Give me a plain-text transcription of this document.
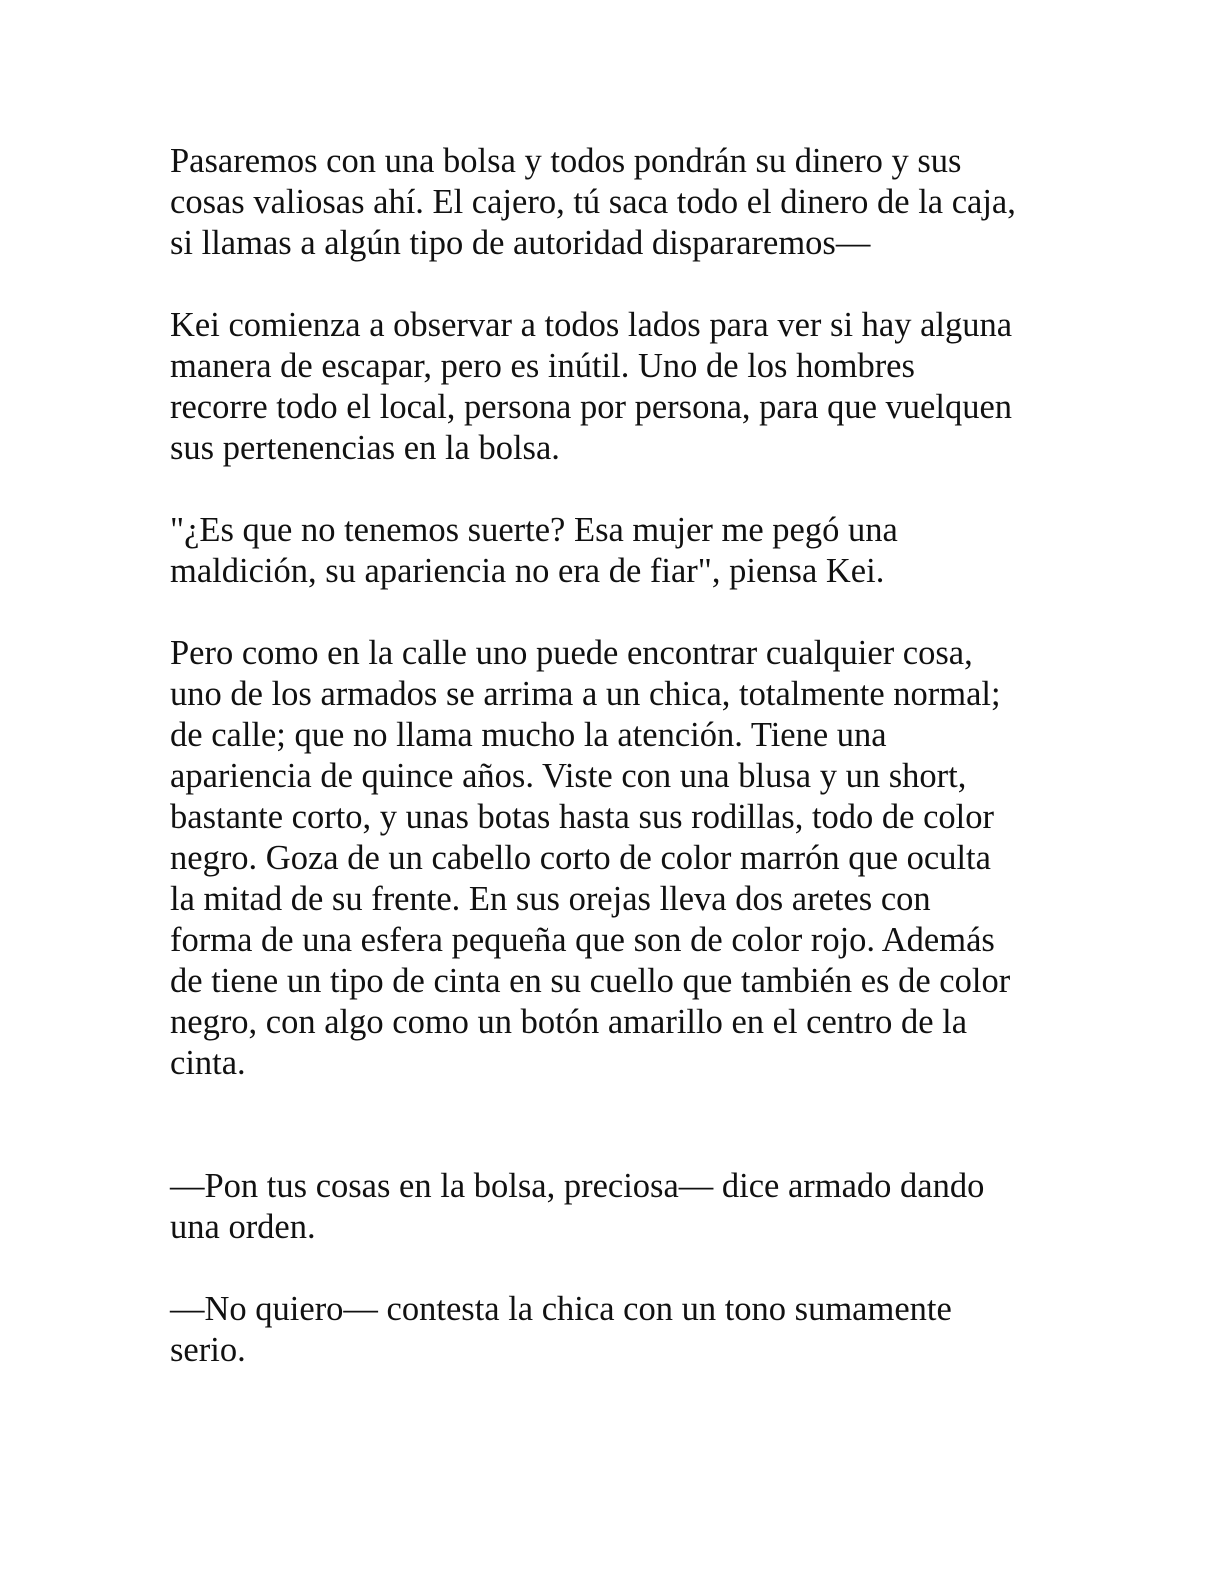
Pasaremos con una bolsa y todos pondrán su dinero y sus
cosas valiosas ahí. El cajero, tú saca todo el dinero de la caja,
si llamas a algún tipo de autoridad dispararemos—

Kei comienza a observar a todos lados para ver si hay alguna
manera de escapar, pero es inútil. Uno de los hombres
recorre todo el local, persona por persona, para que vuelquen
sus pertenencias en la bolsa.

"¿Es que no tenemos suerte? Esa mujer me pegó una
maldición, su apariencia no era de fiar", piensa Kei.

Pero como en la calle uno puede encontrar cualquier cosa,
uno de los armados se arrima a un chica, totalmente normal;
de calle; que no llama mucho la atención. Tiene una
apariencia de quince años. Viste con una blusa y un short,
bastante corto, y unas botas hasta sus rodillas, todo de color
negro. Goza de un cabello corto de color marrón que oculta
la mitad de su frente. En sus orejas lleva dos aretes con
forma de una esfera pequeña que son de color rojo. Además
de tiene un tipo de cinta en su cuello que también es de color
negro, con algo como un botón amarillo en el centro de la
cinta.

—Pon tus cosas en la bolsa, preciosa— dice armado dando
una orden.

—No quiero— contesta la chica con un tono sumamente
serio.
